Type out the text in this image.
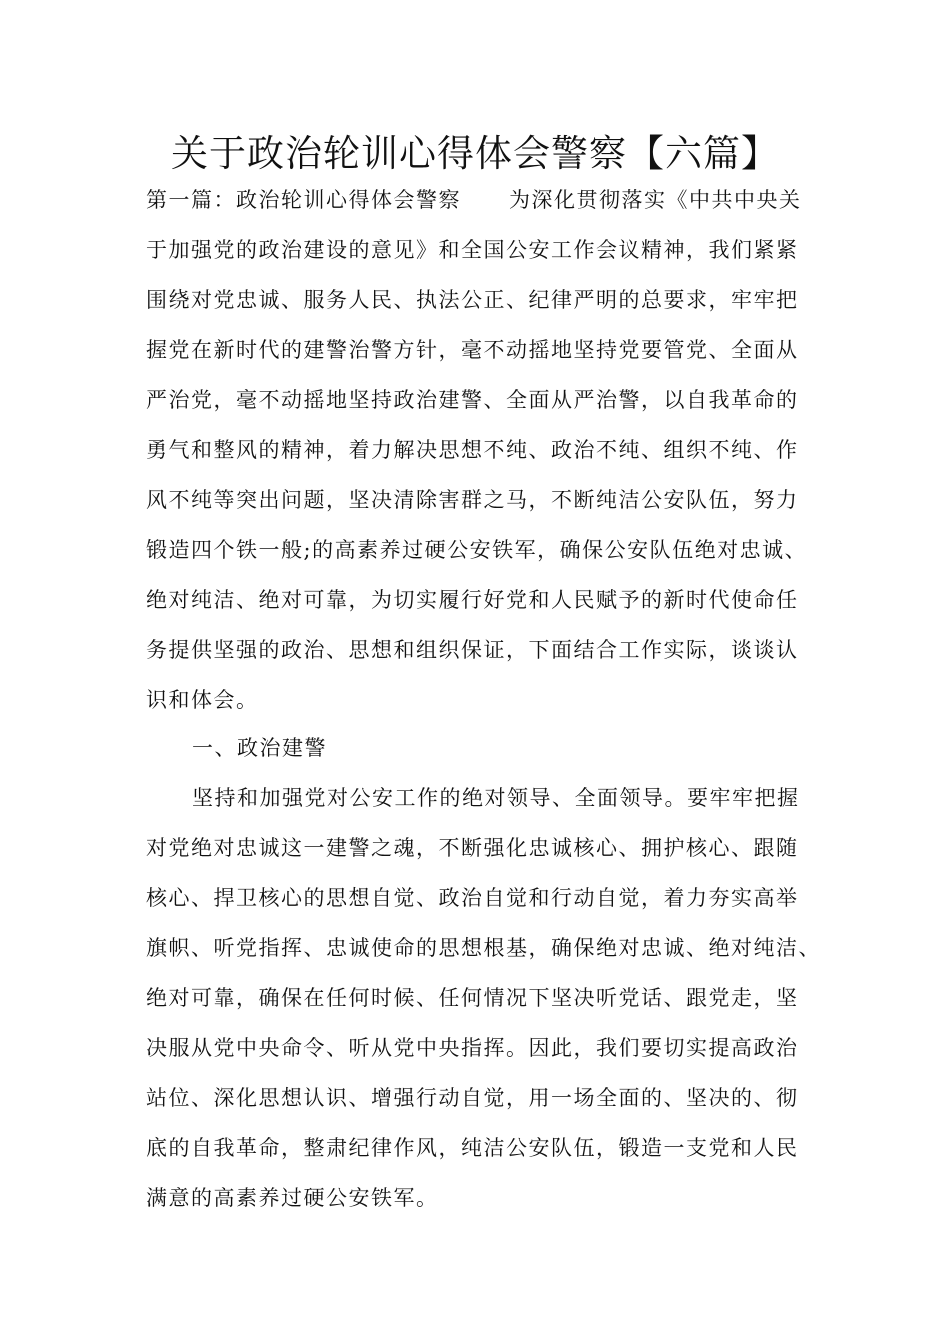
关于政治轮训心得体会警察【六篇】
第一篇：政治轮训心得体会警察 为深化贯彻落实《中共中央关
于加强党的政治建设的意见》和全国公安工作会议精神，我们紧紧
围绕对党忠诚、服务人民、执法公正、纪律严明的总要求，牢牢把
握党在新时代的建警治警方针，毫不动摇地坚持党要管党、全面从
严治党，毫不动摇地坚持政治建警、全面从严治警，以自我革命的
勇气和整风的精神，着力解决思想不纯、政治不纯、组织不纯、作
风不纯等突出问题，坚决清除害群之马，不断纯洁公安队伍，努力
锻造四个铁一般;的高素养过硬公安铁军，确保公安队伍绝对忠诚、
绝对纯洁、绝对可靠，为切实履行好党和人民赋予的新时代使命任
务提供坚强的政治、思想和组织保证，下面结合工作实际，谈谈认
识和体会。
一、政治建警
坚持和加强党对公安工作的绝对领导、全面领导。要牢牢把握
对党绝对忠诚这一建警之魂，不断强化忠诚核心、拥护核心、跟随
核心、捍卫核心的思想自觉、政治自觉和行动自觉，着力夯实高举
旗帜、听党指挥、忠诚使命的思想根基，确保绝对忠诚、绝对纯洁、
绝对可靠，确保在任何时候、任何情况下坚决听党话、跟党走，坚
决服从党中央命令、听从党中央指挥。因此，我们要切实提高政治
站位、深化思想认识、增强行动自觉，用一场全面的、坚决的、彻
底的自我革命，整肃纪律作风，纯洁公安队伍，锻造一支党和人民
满意的高素养过硬公安铁军。
